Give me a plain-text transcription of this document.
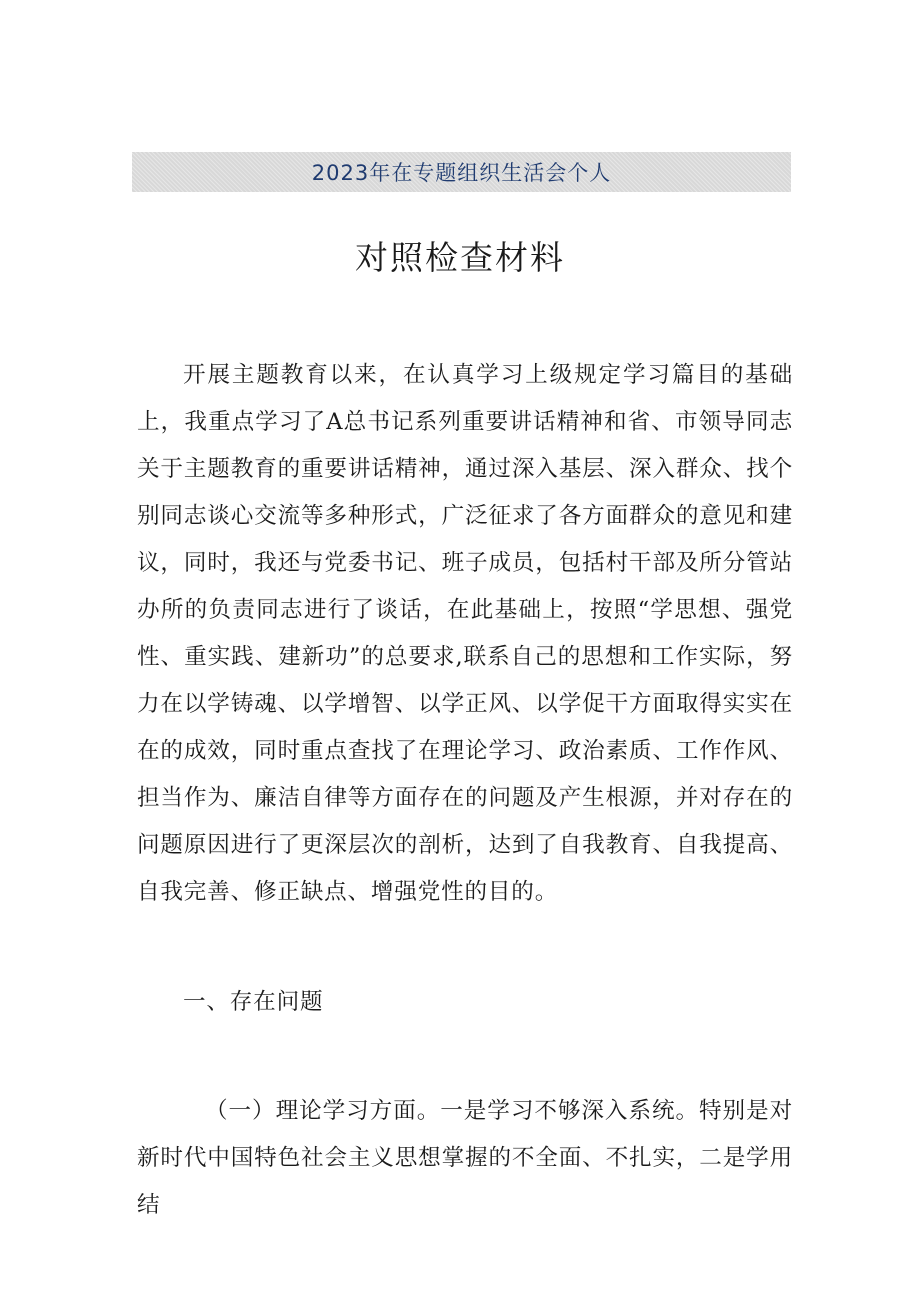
2023年在专题组织生活会个人
对照检查材料
开展主题教育以来，在认真学习上级规定学习篇目的基础上，我重点学习了A总书记系列重要讲话精神和省、市领导同志关于主题教育的重要讲话精神，通过深入基层、深入群众、找个别同志谈心交流等多种形式，广泛征求了各方面群众的意见和建议，同时，我还与党委书记、班子成员，包括村干部及所分管站办所的负责同志进行了谈话，在此基础上，按照“学思想、强党性、重实践、建新功”的总要求,联系自己的思想和工作实际，努力在以学铸魂、以学增智、以学正风、以学促干方面取得实实在在的成效，同时重点查找了在理论学习、政治素质、工作作风、担当作为、廉洁自律等方面存在的问题及产生根源，并对存在的问题原因进行了更深层次的剖析，达到了自我教育、自我提高、自我完善、修正缺点、增强党性的目的。
一、存在问题
（一）理论学习方面。一是学习不够深入系统。特别是对新时代中国特色社会主义思想掌握的不全面、不扎实，二是学用结
